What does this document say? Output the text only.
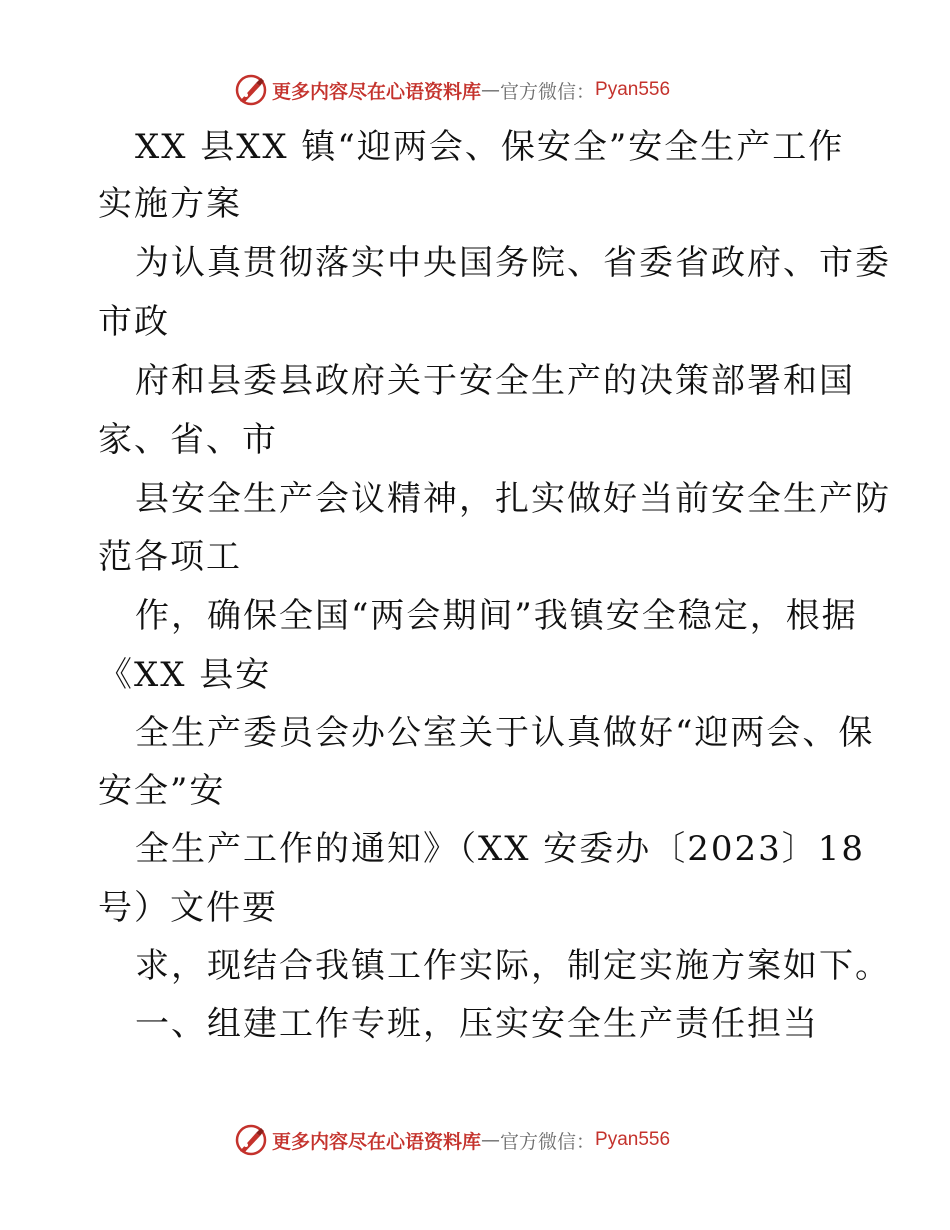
更多内容尽在心语资料库 — 官方微信： Pyan556
XX 县XX 镇“迎两会、保安全”安全生产工作
实施方案
为认真贯彻落实中央国务院、省委省政府、市委
市政
府和县委县政府关于安全生产的决策部署和国
家、省、市
县安全生产会议精神，扎实做好当前安全生产防
范各项工
作，确保全国“两会期间”我镇安全稳定，根据
《XX 县安
全生产委员会办公室关于认真做好“迎两会、保
安全”安
全生产工作的通知》（XX 安委办〔2023〕18
号）文件要
求，现结合我镇工作实际，制定实施方案如下。
一、组建工作专班，压实安全生产责任担当
更多内容尽在心语资料库 — 官方微信： Pyan556
